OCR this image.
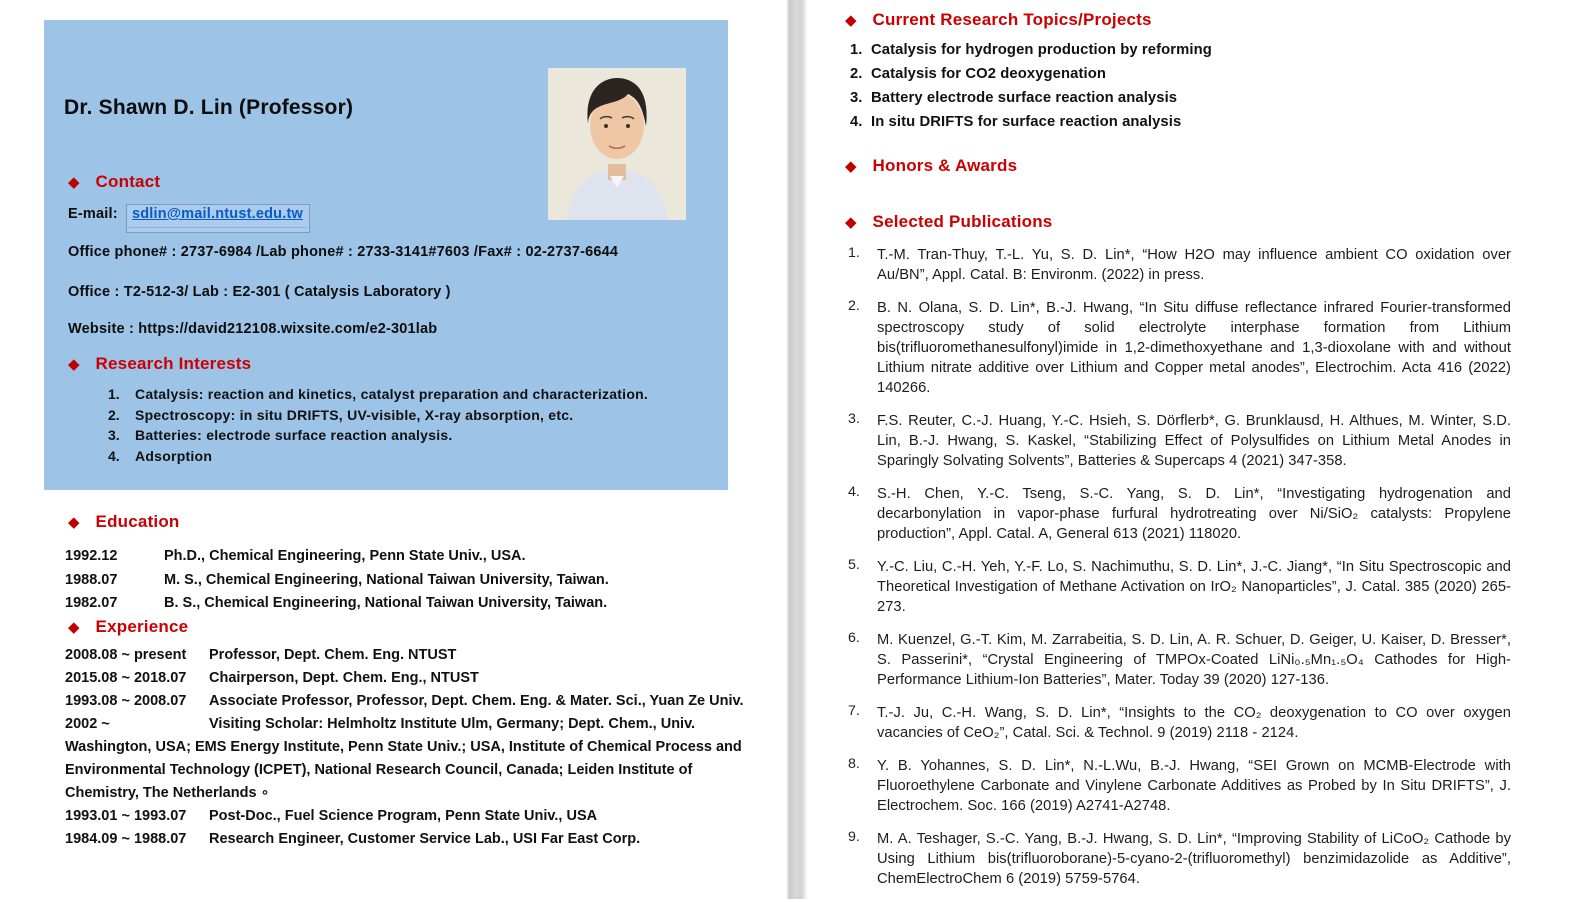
Dr. Shawn D. Lin (Professor)
◆ Contact
E-mail: sdlin@mail.ntust.edu.tw
Office phone# : 2737-6984 /Lab phone# : 2733-3141#7603 /Fax# : 02-2737-6644
Office : T2-512-3/ Lab : E2-301 ( Catalysis Laboratory )
Website : https://david212108.wixsite.com/e2-301lab
◆ Research Interests
1.	Catalysis: reaction and kinetics, catalyst preparation and characterization.
2.	Spectroscopy: in situ DRIFTS, UV-visible, X-ray absorption, etc.
3.	Batteries: electrode surface reaction analysis.
4.	Adsorption
◆ Education

1992.12	Ph.D., Chemical Engineering, Penn State Univ., USA.

1988.07	M. S., Chemical Engineering, National Taiwan University, Taiwan.

1982.07	B. S., Chemical Engineering, National Taiwan University, Taiwan.

◆ Experience

2008.08 ~ present Professor, Dept. Chem. Eng. NTUST

2015.08 ~ 2018.07 Chairperson, Dept. Chem. Eng., NTUST

1993.08 ~ 2008.07 Associate Professor, Professor, Dept. Chem. Eng. & Mater. Sci., Yuan Ze Univ.

2002 ~	Visiting Scholar: Helmholtz Institute Ulm, Germany; Dept. Chem., Univ. Washington, USA; EMS Energy Institute, Penn State Univ.; USA, Institute of Chemical Process and Environmental Technology (ICPET), National Research Council, Canada; Leiden Institute of Chemistry, The Netherlands ∘

1993.01 ~ 1993.07 Post-Doc., Fuel Science Program, Penn State Univ., USA

1984.09 ~ 1988.07 Research Engineer, Customer Service Lab., USI Far East Corp.

◆ Current Research Topics/Projects
1. Catalysis for hydrogen production by reforming
2. Catalysis for CO2 deoxygenation
3. Battery electrode surface reaction analysis
4. In situ DRIFTS for surface reaction analysis
◆ Honors & Awards
◆ Selected Publications
1.	T.-M. Tran-Thuy, T.-L. Yu, S. D. Lin*, “How H2O may influence ambient CO oxidation over Au/BN”, Appl. Catal. B: Environm. (2022) in press.
2.	B. N. Olana, S. D. Lin*, B.-J. Hwang, “In Situ diffuse reflectance infrared Fourier-transformed spectroscopy study of solid electrolyte interphase formation from Lithium bis(trifluoromethanesulfonyl)imide in 1,2-dimethoxyethane and 1,3-dioxolane with and without Lithium nitrate additive over Lithium and Copper metal anodes”, Electrochim. Acta 416 (2022) 140266.
3.	F.S. Reuter, C.-J. Huang, Y.-C. Hsieh, S. Dörflerb*, G. Brunklausd, H. Althues, M. Winter, S.D. Lin, B.-J. Hwang, S. Kaskel, “Stabilizing Effect of Polysulfides on Lithium Metal Anodes in Sparingly Solvating Solvents”, Batteries & Supercaps 4 (2021) 347-358.
4.	S.-H. Chen, Y.-C. Tseng, S.-C. Yang, S. D. Lin*, “Investigating hydrogenation and decarbonylation in vapor-phase furfural hydrotreating over Ni/SiO₂ catalysts: Propylene production”, Appl. Catal. A, General 613 (2021) 118020.
5.	Y.-C. Liu, C.-H. Yeh, Y.-F. Lo, S. Nachimuthu, S. D. Lin*, J.-C. Jiang*, “In Situ Spectroscopic and Theoretical Investigation of Methane Activation on IrO₂ Nanoparticles”, J. Catal. 385 (2020) 265-273.
6.	M. Kuenzel, G.-T. Kim, M. Zarrabeitia, S. D. Lin, A. R. Schuer, D. Geiger, U. Kaiser, D. Bresser*, S. Passerini*, “Crystal Engineering of TMPOx-Coated LiNi₀.₅Mn₁.₅O₄ Cathodes for High-Performance Lithium-Ion Batteries”, Mater. Today 39 (2020) 127-136.
7.	T.-J. Ju, C.-H. Wang, S. D. Lin*, “Insights to the CO₂ deoxygenation to CO over oxygen vacancies of CeO₂”, Catal. Sci. & Technol. 9 (2019) 2118 - 2124.
8.	Y. B. Yohannes, S. D. Lin*, N.-L.Wu, B.-J. Hwang, “SEI Grown on MCMB-Electrode with Fluoroethylene Carbonate and Vinylene Carbonate Additives as Probed by In Situ DRIFTS”, J. Electrochem. Soc. 166 (2019) A2741-A2748.
9.	M. A. Teshager, S.-C. Yang, B.-J. Hwang, S. D. Lin*, “Improving Stability of LiCoO₂ Cathode by Using Lithium bis(trifluoroborane)-5-cyano-2-(trifluoromethyl) benzimidazolide as Additive”, ChemElectroChem 6 (2019) 5759-5764.
